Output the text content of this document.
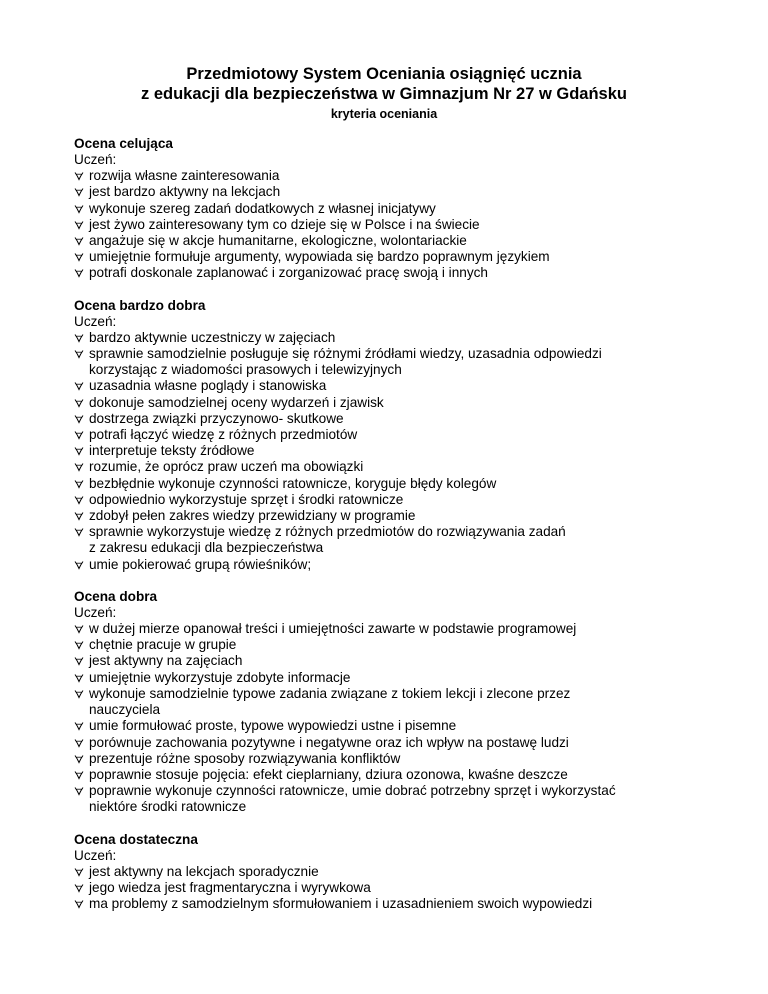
Przedmiotowy System Oceniania osiągnięć ucznia
z edukacji dla bezpieczeństwa w Gimnazjum Nr 27 w Gdańsku
kryteria oceniania
Ocena celująca
Uczeń:
rozwija własne zainteresowania
jest bardzo aktywny na lekcjach
wykonuje szereg zadań dodatkowych z własnej inicjatywy
jest żywo zainteresowany tym co dzieje się w Polsce i na świecie
angażuje się w akcje humanitarne, ekologiczne, wolontariackie
umiejętnie formułuje argumenty, wypowiada się bardzo poprawnym językiem
potrafi doskonale zaplanować i zorganizować pracę swoją i innych
Ocena bardzo dobra
Uczeń:
bardzo aktywnie uczestniczy w zajęciach
sprawnie samodzielnie posługuje się różnymi źródłami wiedzy, uzasadnia odpowiedzi
korzystając z wiadomości prasowych i telewizyjnych
uzasadnia własne poglądy i stanowiska
dokonuje samodzielnej oceny wydarzeń i zjawisk
dostrzega związki przyczynowo- skutkowe
potrafi łączyć wiedzę z różnych przedmiotów
interpretuje teksty źródłowe
rozumie, że oprócz praw uczeń ma obowiązki
bezbłędnie wykonuje czynności ratownicze, koryguje błędy kolegów
odpowiednio wykorzystuje sprzęt i środki ratownicze
zdobył pełen zakres wiedzy przewidziany w programie
sprawnie wykorzystuje wiedzę z różnych przedmiotów do rozwiązywania zadań
z zakresu edukacji dla bezpieczeństwa
umie pokierować grupą rówieśników;
Ocena dobra
Uczeń:
w dużej mierze opanował treści i umiejętności zawarte w podstawie programowej
chętnie pracuje w grupie
jest aktywny na zajęciach
umiejętnie wykorzystuje zdobyte informacje
wykonuje samodzielnie typowe zadania związane z tokiem lekcji i zlecone przez
nauczyciela
umie formułować proste, typowe wypowiedzi ustne i pisemne
porównuje zachowania pozytywne i negatywne oraz ich wpływ na postawę ludzi
prezentuje różne sposoby rozwiązywania konfliktów
poprawnie stosuje pojęcia: efekt cieplarniany, dziura ozonowa, kwaśne deszcze
poprawnie wykonuje czynności ratownicze, umie dobrać potrzebny sprzęt i wykorzystać
niektóre środki ratownicze
Ocena dostateczna
Uczeń:
jest aktywny na lekcjach sporadycznie
jego wiedza jest fragmentaryczna i wyrywkowa
ma problemy z samodzielnym sformułowaniem i uzasadnieniem swoich wypowiedzi
